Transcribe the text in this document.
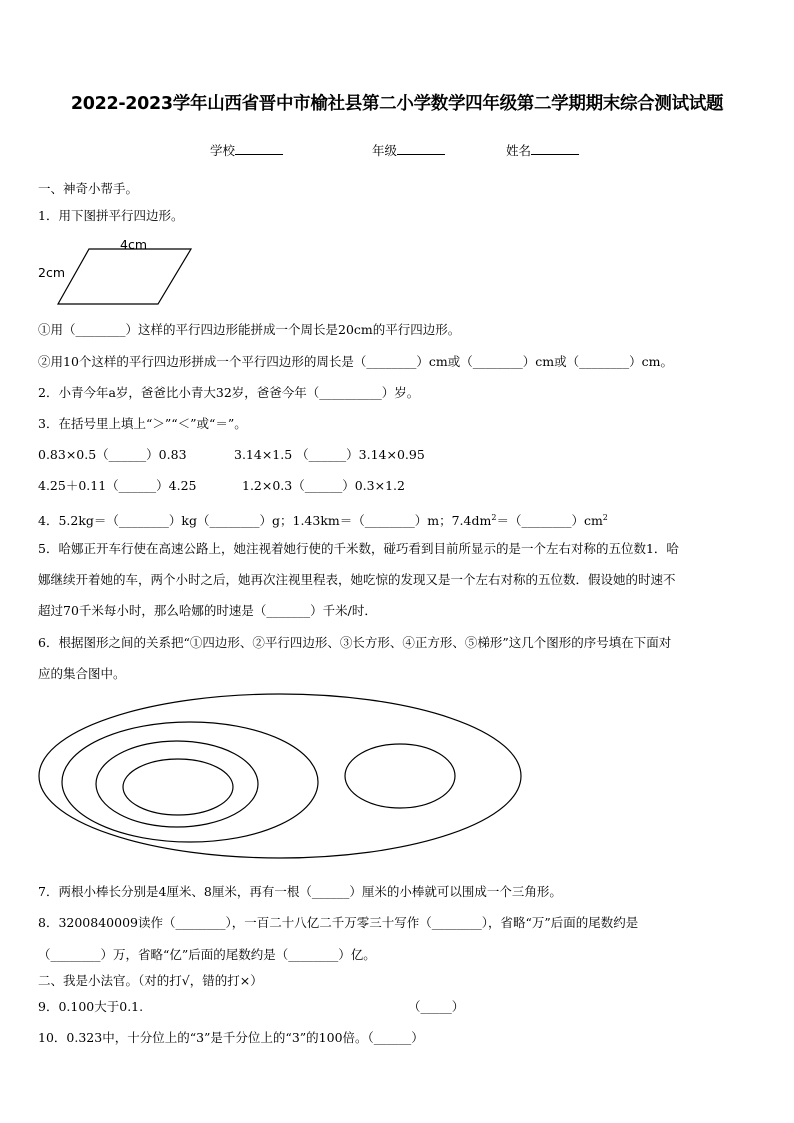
2022-2023学年山西省晋中市榆社县第二小学数学四年级第二学期期末综合测试试题
学校	年级	姓名
一、神奇小帮手。
1．用下图拼平行四边形。
4cm
2cm
①用（________）这样的平行四边形能拼成一个周长是20cm的平行四边形。
②用10个这样的平行四边形拼成一个平行四边形的周长是（________）cm或（________）cm或（________）cm。
2．小青今年a岁，爸爸比小青大32岁，爸爸今年（__________）岁。
3．在括号里上填上“＞”“＜”或“＝”。
0.83×0.5（______）0.83	3.14×1.5 （______）3.14×0.95
4.25＋0.11（______）4.25	1.2×0.3（______）0.3×1.2
4．5.2kg＝（________）kg（________）g；1.43km＝（________）m；$7.4dm^2=(\_\_\_\_\_\_\_\_)cm^2$
5．哈娜正开车行使在高速公路上，她注视着她行使的千米数，碰巧看到目前所显示的是一个左右对称的五位数1．哈
娜继续开着她的车，两个小时之后，她再次注视里程表，她吃惊的发现又是一个左右对称的五位数．假设她的时速不
超过70千米每小时，那么哈娜的时速是（_______）千米/时．
6．根据图形之间的关系把“①四边形、②平行四边形、③长方形、④正方形、⑤梯形”这几个图形的序号填在下面对
应的集合图中。
7．两根小棒长分别是4厘米、8厘米，再有一根（______）厘米的小棒就可以围成一个三角形。
8．3200840009读作（________），一百二十八亿二千万零三十写作（________），省略“万”后面的尾数约是
（________）万，省略“亿”后面的尾数约是（________）亿。
二、我是小法官。（对的打√，错的打×）
9．0.100大于0.1.	（_____）
10．0.323中，十分位上的“3”是千分位上的“3”的100倍。（______）
